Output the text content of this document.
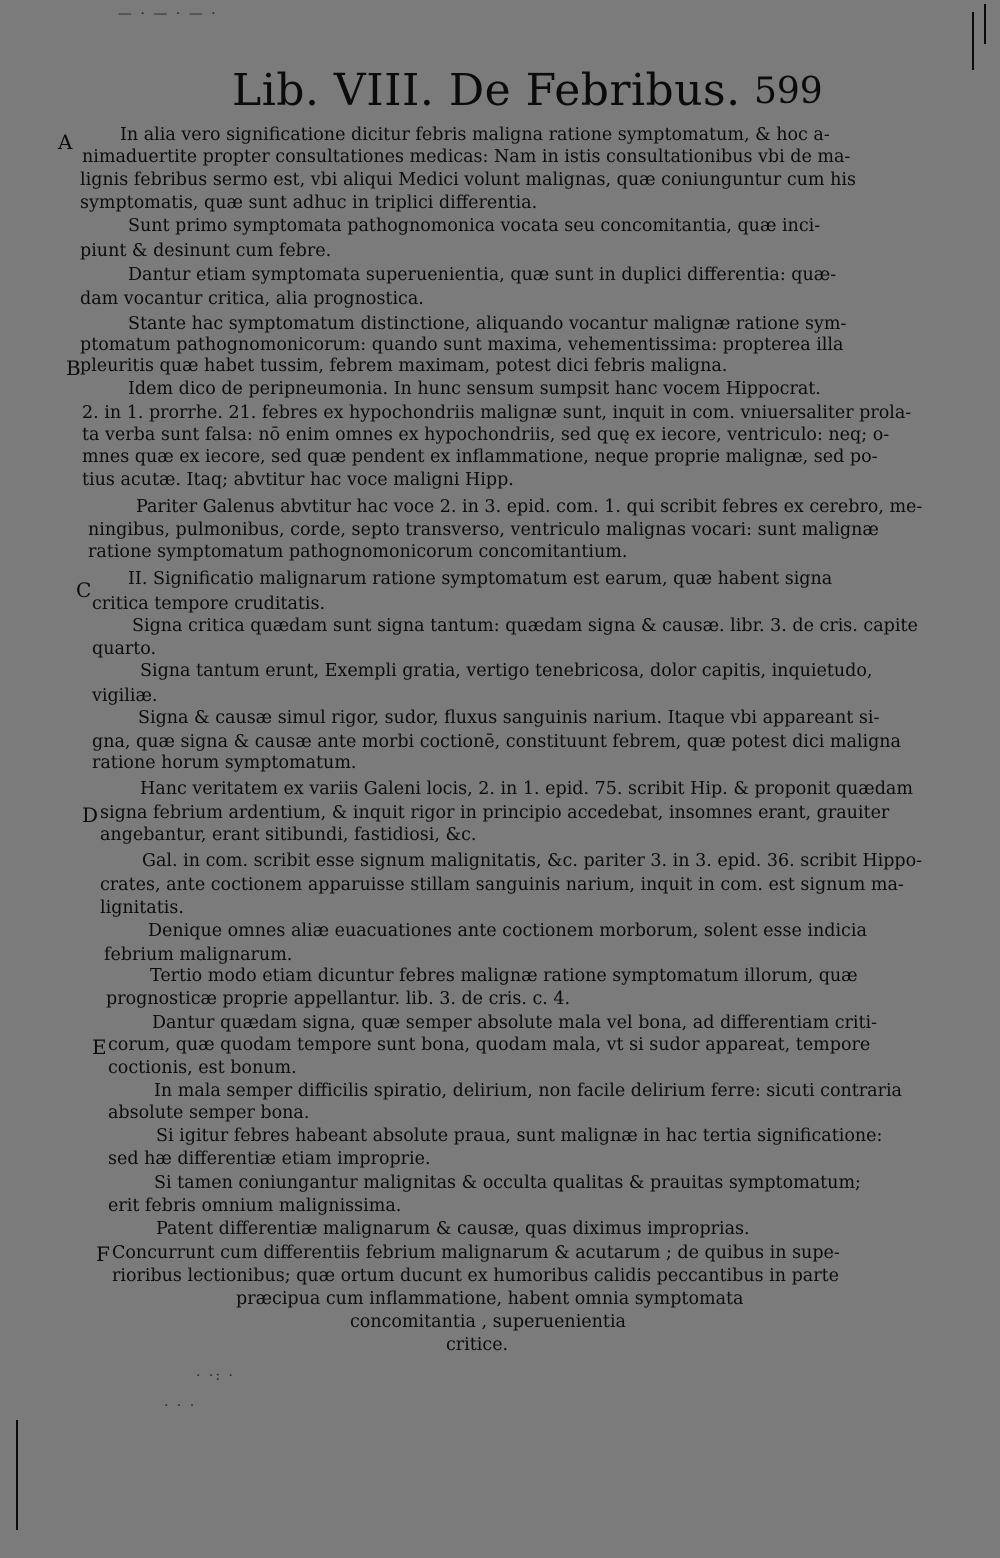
Lib. VIII. De Febribus. 599
A
B
C
D
E
F
In alia vero significatione dicitur febris maligna ratione symptomatum, & hoc a-
nimaduertite propter consultationes medicas: Nam in istis consultationibus vbi de ma-
lignis febribus sermo est, vbi aliqui Medici volunt malignas, quæ coniunguntur cum his
symptomatis, quæ sunt adhuc in triplici differentia.
Sunt primo symptomata pathognomonica vocata seu concomitantia, quæ inci-
piunt & desinunt cum febre.
Dantur etiam symptomata superuenientia, quæ sunt in duplici differentia: quæ-
dam vocantur critica, alia prognostica.
Stante hac symptomatum distinctione, aliquando vocantur malignæ ratione sym-
ptomatum pathognomonicorum: quando sunt maxima, vehementissima: propterea illa
pleuritis quæ habet tussim, febrem maximam, potest dici febris maligna.
Idem dico de peripneumonia. In hunc sensum sumpsit hanc vocem Hippocrat.
2. in 1. prorrhe. 21. febres ex hypochondriis malignæ sunt, inquit in com. vniuersaliter prola-
ta verba sunt falsa: nō enim omnes ex hypochondriis, sed quę ex iecore, ventriculo: neq; o-
mnes quæ ex iecore, sed quæ pendent ex inflammatione, neque proprie malignæ, sed po-
tius acutæ. Itaq; abvtitur hac voce maligni Hipp.
Pariter Galenus abvtitur hac voce 2. in 3. epid. com. 1. qui scribit febres ex cerebro, me-
ningibus, pulmonibus, corde, septo transverso, ventriculo malignas vocari: sunt malignæ
ratione symptomatum pathognomonicorum concomitantium.
II. Significatio malignarum ratione symptomatum est earum, quæ habent signa
critica tempore cruditatis.
Signa critica quædam sunt signa tantum: quædam signa & causæ. libr. 3. de cris. capite
quarto.
Signa tantum erunt, Exempli gratia, vertigo tenebricosa, dolor capitis, inquietudo,
vigiliæ.
Signa & causæ simul rigor, sudor, fluxus sanguinis narium. Itaque vbi appareant si-
gna, quæ signa & causæ ante morbi coctionē, constituunt febrem, quæ potest dici maligna
ratione horum symptomatum.
Hanc veritatem ex variis Galeni locis, 2. in 1. epid. 75. scribit Hip. & proponit quædam
signa febrium ardentium, & inquit rigor in principio accedebat, insomnes erant, grauiter
angebantur, erant sitibundi, fastidiosi, &c.
Gal. in com. scribit esse signum malignitatis, &c. pariter 3. in 3. epid. 36. scribit Hippo-
crates, ante coctionem apparuisse stillam sanguinis narium, inquit in com. est signum ma-
lignitatis.
Denique omnes aliæ euacuationes ante coctionem morborum, solent esse indicia
febrium malignarum.
Tertio modo etiam dicuntur febres malignæ ratione symptomatum illorum, quæ
prognosticæ proprie appellantur. lib. 3. de cris. c. 4.
Dantur quædam signa, quæ semper absolute mala vel bona, ad differentiam criti-
corum, quæ quodam tempore sunt bona, quodam mala, vt si sudor appareat, tempore
coctionis, est bonum.
In mala semper difficilis spiratio, delirium, non facile delirium ferre: sicuti contraria
absolute semper bona.
Si igitur febres habeant absolute praua, sunt malignæ in hac tertia significatione:
sed hæ differentiæ etiam improprie.
Si tamen coniungantur malignitas & occulta qualitas & prauitas symptomatum;
erit febris omnium malignissima.
Patent differentiæ malignarum & causæ, quas diximus improprias.
Concurrunt cum differentiis febrium malignarum & acutarum ; de quibus in supe-
rioribus lectionibus; quæ ortum ducunt ex humoribus calidis peccantibus in parte
præcipua cum inflammatione, habent omnia symptomata
concomitantia , superuenientia
critice.
— · — · — ·
· ·: ·
· · ·
